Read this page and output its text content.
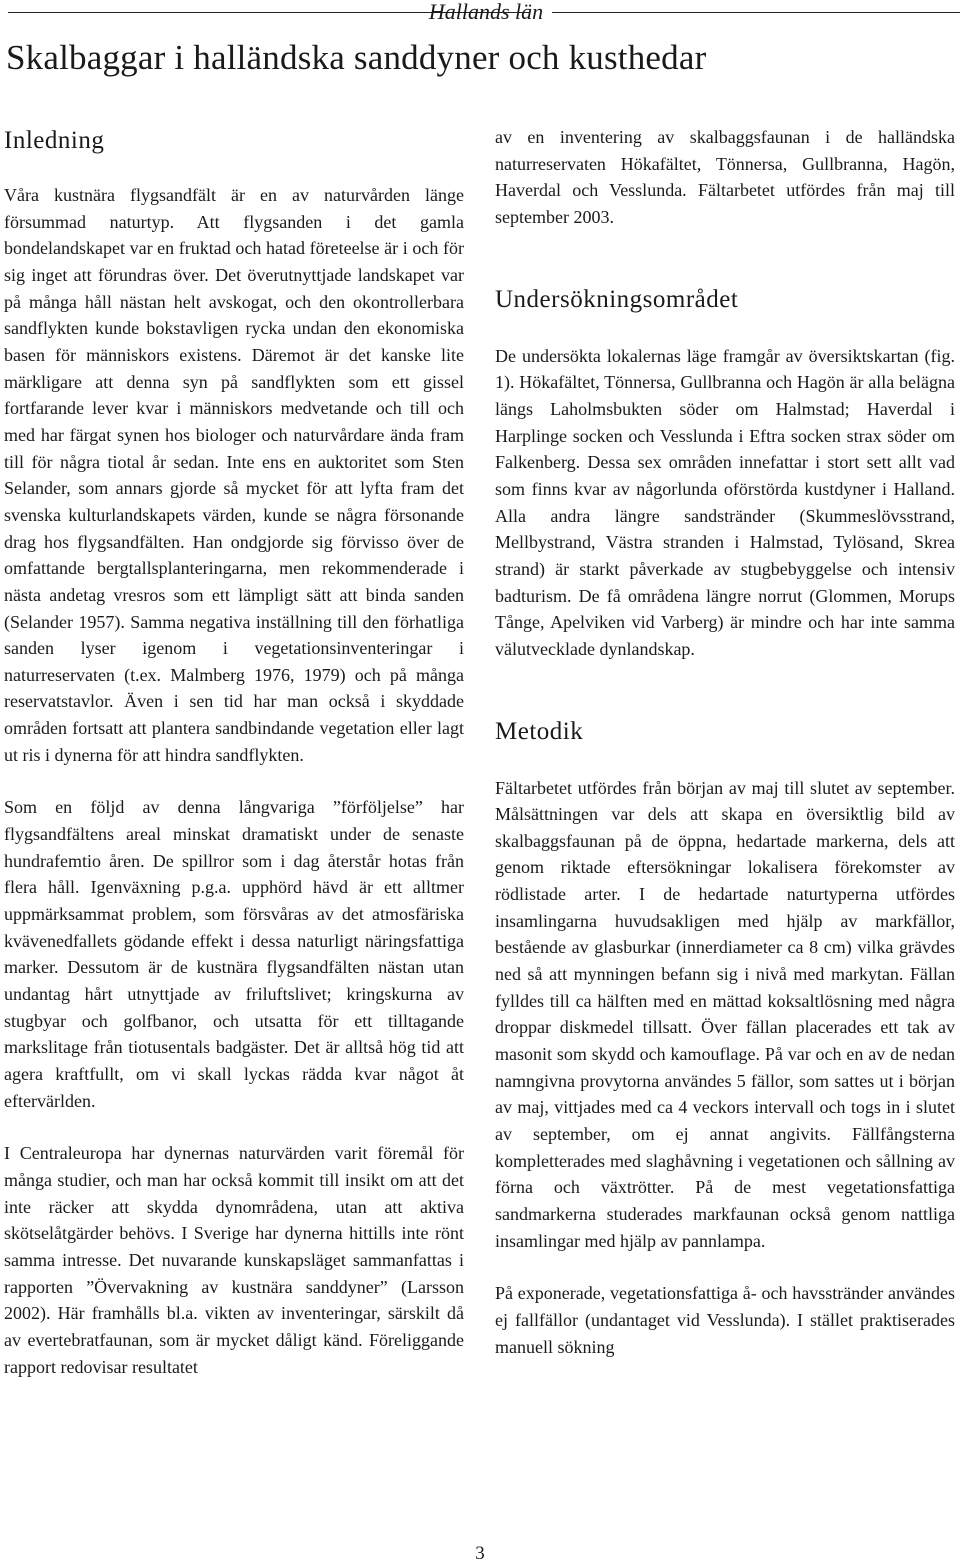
Hallands län
Skalbaggar i halländska sanddyner och kusthedar
Inledning

Våra kustnära flygsandfält är en av naturvården länge försummad naturtyp. Att flygsanden i det gamla bondelandskapet var en fruktad och hatad företeelse är i och för sig inget att förundras över. Det överutnyttjade landskapet var på många håll nästan helt avskogat, och den okontrollerbara sandflykten kunde bokstavligen rycka undan den ekonomiska basen för människors existens. Däremot är det kanske lite märkligare att denna syn på sandflykten som ett gissel fortfarande lever kvar i människors medvetande och till och med har färgat synen hos biologer och naturvårdare ända fram till för några tiotal år sedan. Inte ens en auktoritet som Sten Selander, som annars gjorde så mycket för att lyfta fram det svenska kulturlandskapets värden, kunde se några försonande drag hos flygsandfälten. Han ondgjorde sig förvisso över de omfattande bergtallsplanteringarna, men rekommenderade i nästa andetag vresros som ett lämpligt sätt att binda sanden (Selander 1957). Samma negativa inställning till den förhatliga sanden lyser igenom i vegetationsinventeringar i naturreservaten (t.ex. Malmberg 1976, 1979) och på många reservatstavlor. Även i sen tid har man också i skyddade områden fortsatt att plantera sandbindande vegetation eller lagt ut ris i dynerna för att hindra sandflykten.

Som en följd av denna långvariga ”förföljelse” har flygsandfältens areal minskat dramatiskt under de senaste hundrafemtio åren. De spillror som i dag återstår hotas från flera håll. Igenväxning p.g.a. upphörd hävd är ett alltmer uppmärksammat problem, som försvåras av det atmosfäriska kvävenedfallets gödande effekt i dessa naturligt näringsfattiga marker. Dessutom är de kustnära flygsandfälten nästan utan undantag hårt utnyttjade av friluftslivet; kringskurna av stugbyar och golfbanor, och utsatta för ett tilltagande markslitage från tiotusentals badgäster. Det är alltså hög tid att agera kraftfullt, om vi skall lyckas rädda kvar något åt eftervärlden.

I Centraleuropa har dynernas naturvärden varit föremål för många studier, och man har också kommit till insikt om att det inte räcker att skydda dynområdena, utan att aktiva skötselåtgärder behövs. I Sverige har dynerna hittills inte rönt samma intresse. Det nuvarande kunskapsläget sammanfattas i rapporten ”Övervakning av kustnära sanddyner” (Larsson 2002). Här framhålls bl.a. vikten av inventeringar, särskilt då av evertebratfaunan, som är mycket dåligt känd. Föreliggande rapport redovisar resultatet

av en inventering av skalbaggsfaunan i de halländska naturreservaten Hökafältet, Tönnersa, Gullbranna, Hagön, Haverdal och Vesslunda. Fältarbetet utfördes från maj till september 2003.

Undersökningsområdet

De undersökta lokalernas läge framgår av översiktskartan (fig. 1). Hökafältet, Tönnersa, Gullbranna och Hagön är alla belägna längs Laholmsbukten söder om Halmstad; Haverdal i Harplinge socken och Vesslunda i Eftra socken strax söder om Falkenberg. Dessa sex områden innefattar i stort sett allt vad som finns kvar av någorlunda oförstörda kustdyner i Halland. Alla andra längre sandstränder (Skummeslövsstrand, Mellbystrand, Västra stranden i Halmstad, Tylösand, Skrea strand) är starkt påverkade av stugbebyggelse och intensiv badturism. De få områdena längre norrut (Glommen, Morups Tånge, Apelviken vid Varberg) är mindre och har inte samma välutvecklade dynlandskap.

Metodik

Fältarbetet utfördes från början av maj till slutet av september. Målsättningen var dels att skapa en översiktlig bild av skalbaggsfaunan på de öppna, hedartade markerna, dels att genom riktade eftersökningar lokalisera förekomster av rödlistade arter. I de hedartade naturtyperna utfördes insamlingarna huvudsakligen med hjälp av markfällor, bestående av glasburkar (innerdiameter ca 8 cm) vilka grävdes ned så att mynningen befann sig i nivå med markytan. Fällan fylldes till ca hälften med en mättad koksaltlösning med några droppar diskmedel tillsatt. Över fällan placerades ett tak av masonit som skydd och kamouflage. På var och en av de nedan namngivna provytorna användes 5 fällor, som sattes ut i början av maj, vittjades med ca 4 veckors intervall och togs in i slutet av september, om ej annat angivits. Fällfångsterna kompletterades med slaghåvning i vegetationen och sållning av förna och växtrötter. På de mest vegetationsfattiga sandmarkerna studerades markfaunan också genom nattliga insamlingar med hjälp av pannlampa.

På exponerade, vegetationsfattiga å- och havsstränder användes ej fallfällor (undantaget vid Vesslunda). I stället praktiserades manuell sökning

3
